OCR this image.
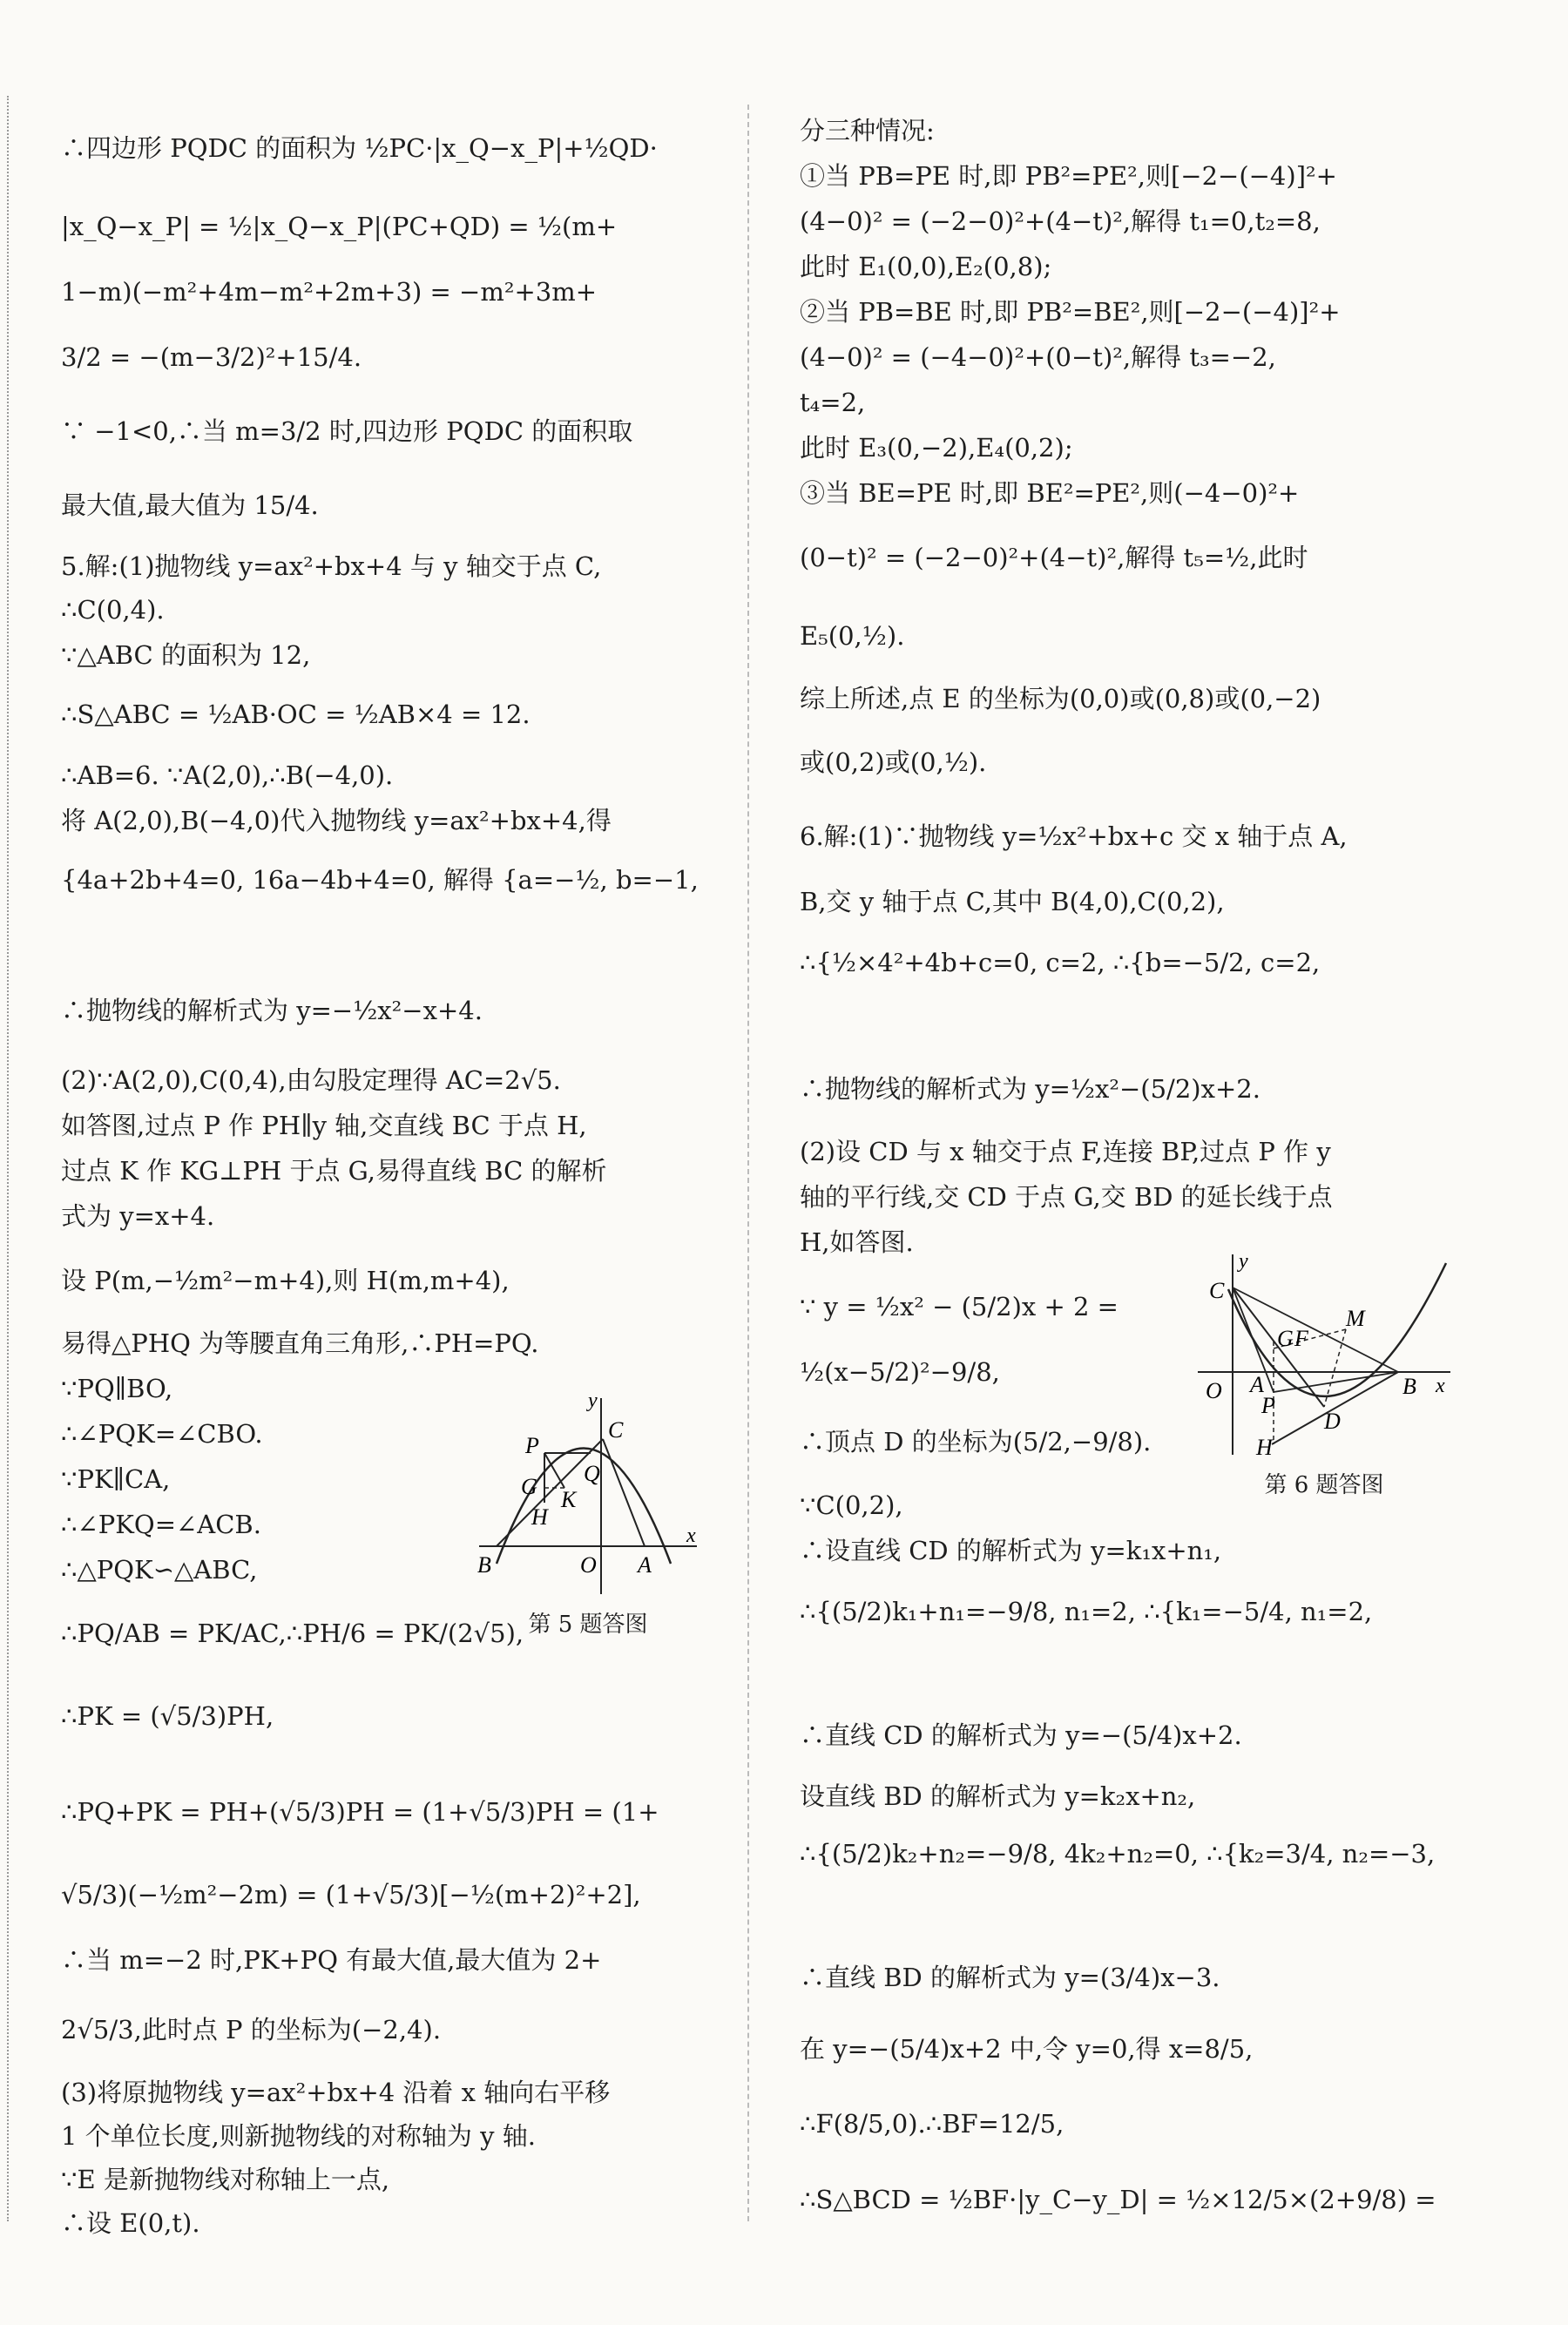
∴四边形 PQDC 的面积为 ½PC·|x_Q−x_P|+½QD·
|x_Q−x_P| = ½|x_Q−x_P|(PC+QD) = ½(m+
1−m)(−m²+4m−m²+2m+3) = −m²+3m+
3/2 = −(m−3/2)²+15/4.
∵ −1<0,∴当 m=3/2 时,四边形 PQDC 的面积取
最大值,最大值为 15/4.
5.解:(1)抛物线 y=ax²+bx+4 与 y 轴交于点 C,
∴C(0,4).
∵△ABC 的面积为 12,
∴S△ABC = ½AB·OC = ½AB×4 = 12.
∴AB=6. ∵A(2,0),∴B(−4,0).
将 A(2,0),B(−4,0)代入抛物线 y=ax²+bx+4,得
{4a+2b+4=0, 16a−4b+4=0, 解得 {a=−½, b=−1,
∴抛物线的解析式为 y=−½x²−x+4.
(2)∵A(2,0),C(0,4),由勾股定理得 AC=2√5.
如答图,过点 P 作 PH∥y 轴,交直线 BC 于点 H,
过点 K 作 KG⊥PH 于点 G,易得直线 BC 的解析
式为 y=x+4.
设 P(m,−½m²−m+4),则 H(m,m+4),
易得△PHQ 为等腰直角三角形,∴PH=PQ.
∵PQ∥BO,
∴∠PQK=∠CBO.
∵PK∥CA,
∴∠PKQ=∠ACB.
∴△PQK∽△ABC,
∴PQ/AB = PK/AC,∴PH/6 = PK/(2√5),
∴PK = (√5/3)PH,
∴PQ+PK = PH+(√5/3)PH = (1+√5/3)PH = (1+
√5/3)(−½m²−2m) = (1+√5/3)[−½(m+2)²+2],
∴当 m=−2 时,PK+PQ 有最大值,最大值为 2+
2√5/3,此时点 P 的坐标为(−2,4).
(3)将原抛物线 y=ax²+bx+4 沿着 x 轴向右平移
1 个单位长度,则新抛物线的对称轴为 y 轴.
∵E 是新抛物线对称轴上一点,
∴设 E(0,t).
分三种情况:
①当 PB=PE 时,即 PB²=PE²,则[−2−(−4)]²+
(4−0)² = (−2−0)²+(4−t)²,解得 t₁=0,t₂=8,
此时 E₁(0,0),E₂(0,8);
②当 PB=BE 时,即 PB²=BE²,则[−2−(−4)]²+
(4−0)² = (−4−0)²+(0−t)²,解得 t₃=−2,
t₄=2,
此时 E₃(0,−2),E₄(0,2);
③当 BE=PE 时,即 BE²=PE²,则(−4−0)²+
(0−t)² = (−2−0)²+(4−t)²,解得 t₅=½,此时
E₅(0,½).
综上所述,点 E 的坐标为(0,0)或(0,8)或(0,−2)
或(0,2)或(0,½).
6.解:(1)∵抛物线 y=½x²+bx+c 交 x 轴于点 A,
B,交 y 轴于点 C,其中 B(4,0),C(0,2),
∴{½×4²+4b+c=0, c=2, ∴{b=−5/2, c=2,
∴抛物线的解析式为 y=½x²−(5/2)x+2.
(2)设 CD 与 x 轴交于点 F,连接 BP,过点 P 作 y
轴的平行线,交 CD 于点 G,交 BD 的延长线于点
H,如答图.
∵ y = ½x² − (5/2)x + 2 =
½(x−5/2)²−9/8,
∴顶点 D 的坐标为(5/2,−9/8).
∵C(0,2),
∴设直线 CD 的解析式为 y=k₁x+n₁,
∴{(5/2)k₁+n₁=−9/8, n₁=2, ∴{k₁=−5/4, n₁=2,
∴直线 CD 的解析式为 y=−(5/4)x+2.
设直线 BD 的解析式为 y=k₂x+n₂,
∴{(5/2)k₂+n₂=−9/8, 4k₂+n₂=0, ∴{k₂=3/4, n₂=−3,
∴直线 BD 的解析式为 y=(3/4)x−3.
在 y=−(5/4)x+2 中,令 y=0,得 x=8/5,
∴F(8/5,0).∴BF=12/5,
∴S△BCD = ½BF·|y_C−y_D| = ½×12/5×(2+9/8) =
y
x
C
P
Q
G
K
H
B	O A
第 5 题答图
y
x
C
M
G F
O A
P
B
D
H
第 6 题答图
